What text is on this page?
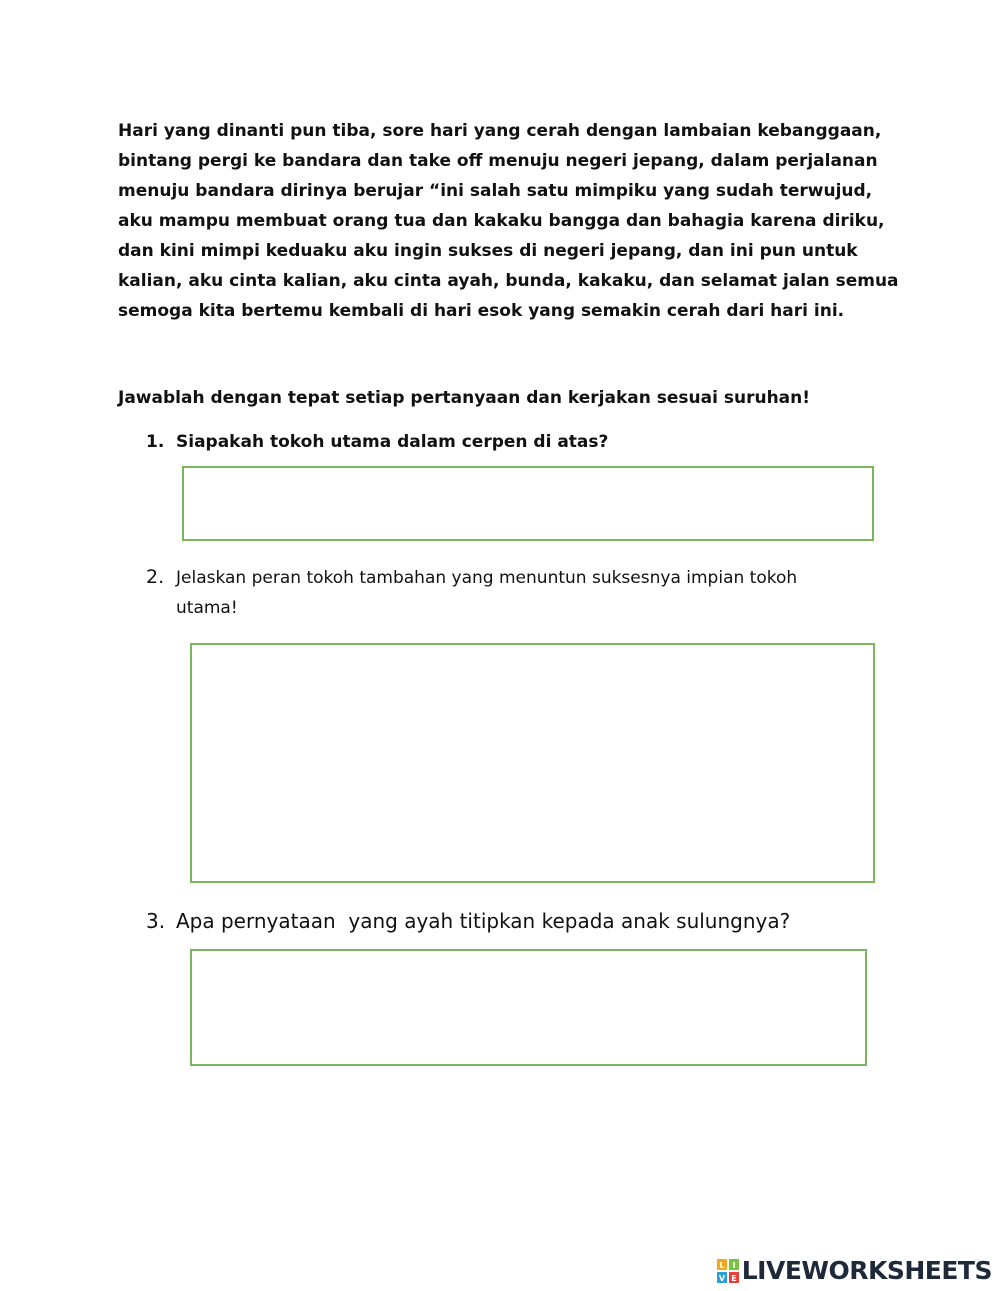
Hari yang dinanti pun tiba, sore hari yang cerah dengan lambaian kebanggaan,

bintang pergi ke bandara dan take off menuju negeri jepang, dalam perjalanan

menuju bandara dirinya berujar “ini salah satu mimpiku yang sudah terwujud,

aku mampu membuat orang tua dan kakaku bangga dan bahagia karena diriku,

dan kini mimpi keduaku aku ingin sukses di negeri jepang, dan ini pun untuk

kalian, aku cinta kalian, aku cinta ayah, bunda, kakaku, dan selamat jalan semua

semoga kita bertemu kembali di hari esok yang semakin cerah dari hari ini.

Jawablah dengan tepat setiap pertanyaan dan kerjakan sesuai suruhan!

1. Siapakah tokoh utama dalam cerpen di atas?
2. Jelaskan peran tokoh tambahan yang menuntun suksesnya impian tokoh
utama!
3. Apa pernyataan  yang ayah titipkan kepada anak sulungnya?
L I
V E LIVEWORKSHEETS
